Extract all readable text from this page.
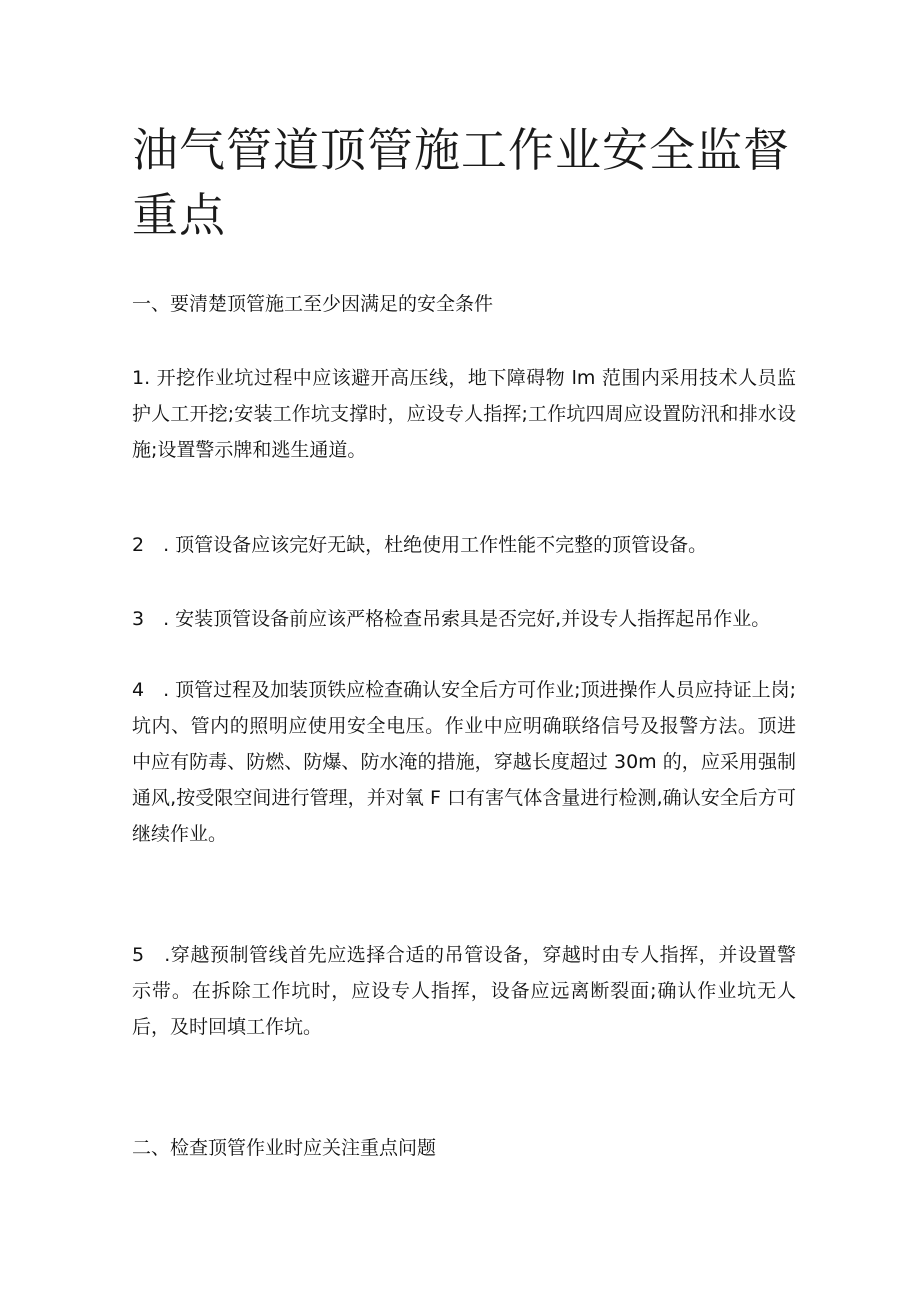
油气管道顶管施工作业安全监督重点

一、要清楚顶管施工至少因满足的安全条件

1. 开挖作业坑过程中应该避开高压线，地下障碍物 lm 范围内采用技术人员监护人工开挖;安装工作坑支撑时，应设专人指挥;工作坑四周应设置防汛和排水设施;设置警示牌和逃生通道。

2　. 顶管设备应该完好无缺，杜绝使用工作性能不完整的顶管设备。

3　. 安装顶管设备前应该严格检查吊索具是否完好,并设专人指挥起吊作业。

4　. 顶管过程及加装顶铁应检查确认安全后方可作业;顶进操作人员应持证上岗;坑内、管内的照明应使用安全电压。作业中应明确联络信号及报警方法。顶进中应有防毒、防燃、防爆、防水淹的措施，穿越长度超过 30m 的，应采用强制通风,按受限空间进行管理，并对氧 F 口有害气体含量进行检测,确认安全后方可继续作业。

5　.穿越预制管线首先应选择合适的吊管设备，穿越时由专人指挥，并设置警示带。在拆除工作坑时，应设专人指挥，设备应远离断裂面;确认作业坑无人后，及时回填工作坑。

二、检查顶管作业时应关注重点问题
